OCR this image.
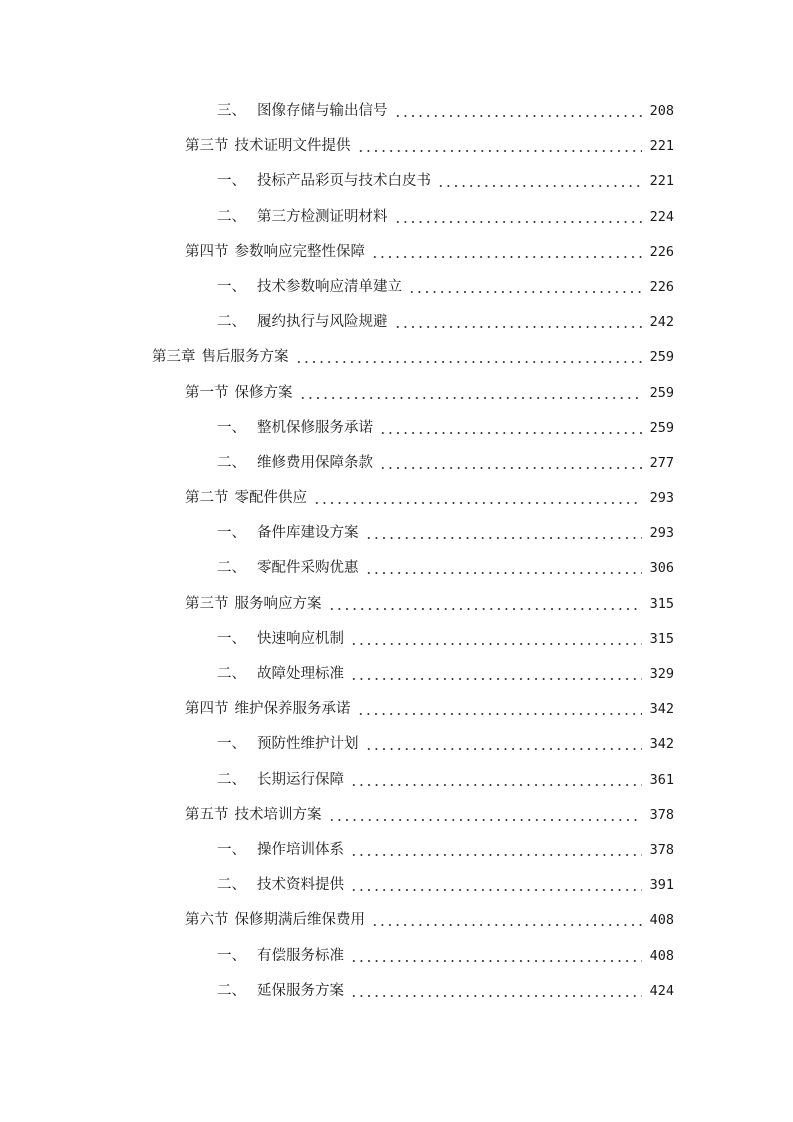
三、 图像存储与输出信号	208
第三节 技术证明文件提供	221
一、 投标产品彩页与技术白皮书	221
二、 第三方检测证明材料	224
第四节 参数响应完整性保障	226
一、 技术参数响应清单建立	226
二、 履约执行与风险规避	242
第三章 售后服务方案	259
第一节 保修方案	259
一、 整机保修服务承诺	259
二、 维修费用保障条款	277
第二节 零配件供应	293
一、 备件库建设方案	293
二、 零配件采购优惠	306
第三节 服务响应方案	315
一、 快速响应机制	315
二、 故障处理标准	329
第四节 维护保养服务承诺	342
一、 预防性维护计划	342
二、 长期运行保障	361
第五节 技术培训方案	378
一、 操作培训体系	378
二、 技术资料提供	391
第六节 保修期满后维保费用	408
一、 有偿服务标准	408
二、 延保服务方案	424
